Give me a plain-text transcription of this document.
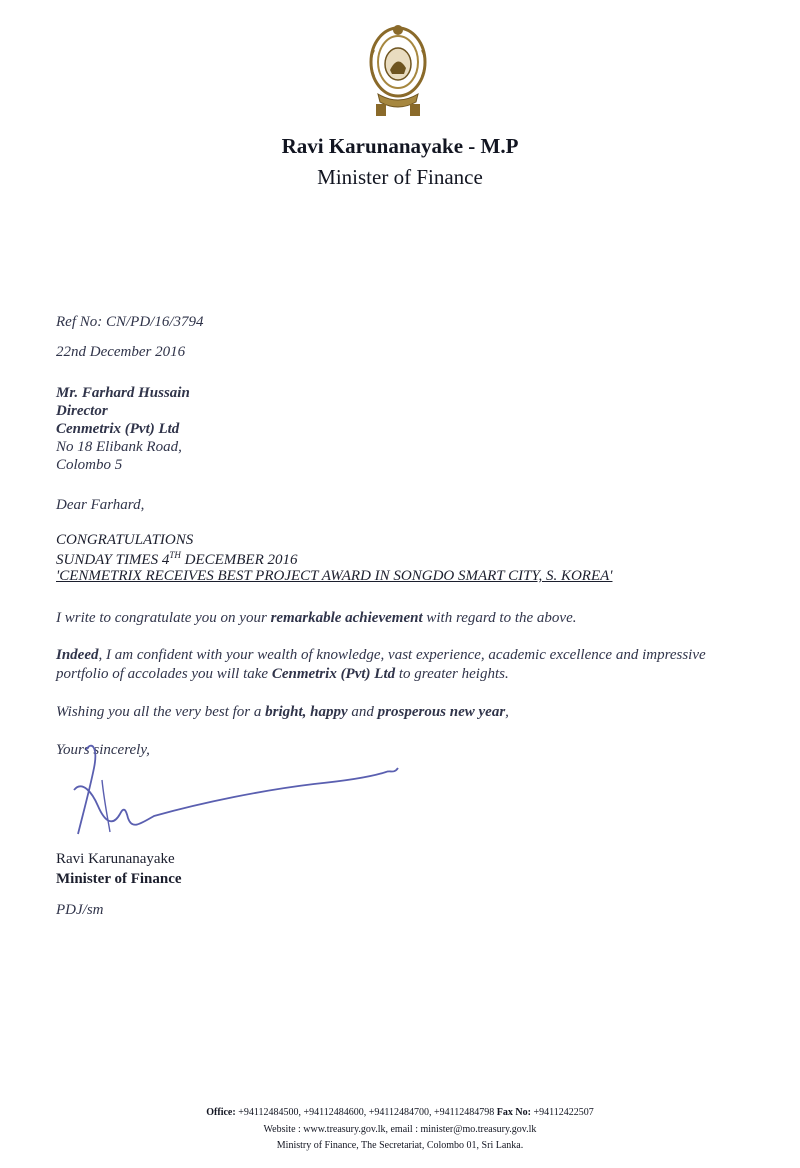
Ravi Karunanayake - M.P
Minister of Finance
Ref No: CN/PD/16/3794
22nd December 2016
Mr. Farhard Hussain
Director
Cenmetrix (Pvt) Ltd
No 18 Elibank Road,
Colombo 5
Dear Farhard,
CONGRATULATIONS
SUNDAY TIMES 4TH DECEMBER 2016
'CENMETRIX RECEIVES BEST PROJECT AWARD IN SONGDO SMART CITY, S. KOREA'
I write to congratulate you on your remarkable achievement with regard to the above.
Indeed, I am confident with your wealth of knowledge, vast experience, academic excellence and impressive portfolio of accolades you will take Cenmetrix (Pvt) Ltd to greater heights.
Wishing you all the very best for a bright, happy and prosperous new year,
Yours sincerely,
Ravi Karunanayake
Minister of Finance
PDJ/sm
Office: +94112484500, +94112484600, +94112484700, +94112484798 Fax No: +94112422507
Website : www.treasury.gov.lk, email : minister@mo.treasury.gov.lk
Ministry of Finance, The Secretariat, Colombo 01, Sri Lanka.
